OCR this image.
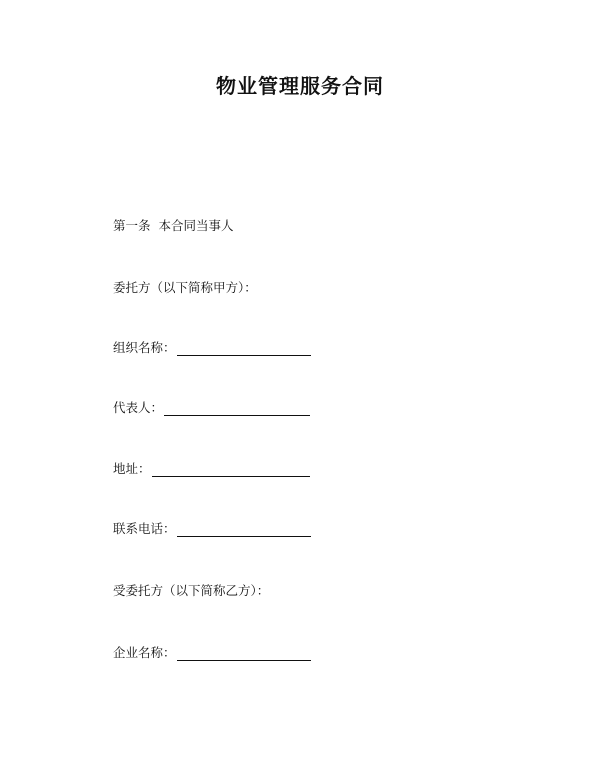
物业管理服务合同
第一条  本合同当事人
委托方（以下简称甲方）：
组织名称：
代表人：
地址：
联系电话：
受委托方（以下简称乙方）：
企业名称：
